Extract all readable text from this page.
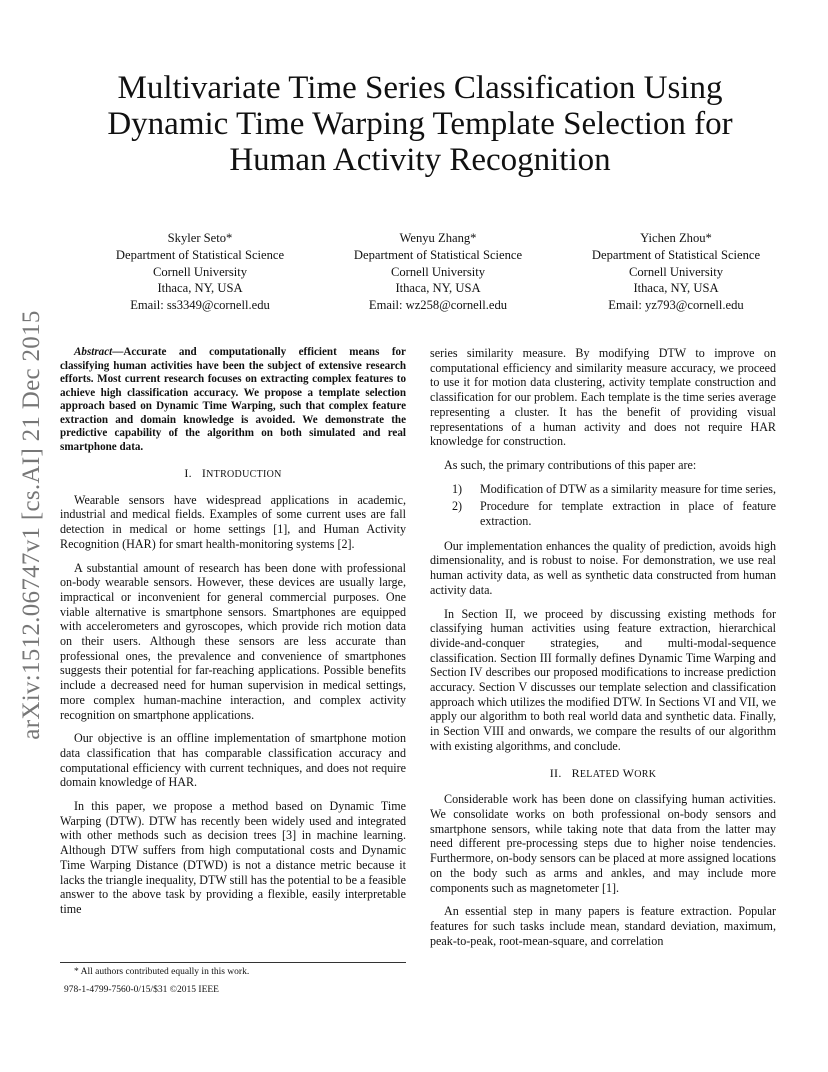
arXiv:1512.06747v1 [cs.AI] 21 Dec 2015
Multivariate Time Series Classification Using
Dynamic Time Warping Template Selection for
Human Activity Recognition
Skyler Seto*
Department of Statistical Science
Cornell University
Ithaca, NY, USA
Email: ss3349@cornell.edu
Wenyu Zhang*
Department of Statistical Science
Cornell University
Ithaca, NY, USA
Email: wz258@cornell.edu
Yichen Zhou*
Department of Statistical Science
Cornell University
Ithaca, NY, USA
Email: yz793@cornell.edu
Abstract—Accurate and computationally efficient means for classifying human activities have been the subject of extensive research efforts. Most current research focuses on extracting complex features to achieve high classification accuracy. We propose a template selection approach based on Dynamic Time Warping, such that complex feature extraction and domain knowledge is avoided. We demonstrate the predictive capability of the algorithm on both simulated and real smartphone data.
I. INTRODUCTION

Wearable sensors have widespread applications in academic, industrial and medical fields. Examples of some current uses are fall detection in medical or home settings [1], and Human Activity Recognition (HAR) for smart health-monitoring systems [2].

A substantial amount of research has been done with professional on-body wearable sensors. However, these devices are usually large, impractical or inconvenient for general commercial purposes. One viable alternative is smartphone sensors. Smartphones are equipped with accelerometers and gyroscopes, which provide rich motion data on their users. Although these sensors are less accurate than professional ones, the prevalence and convenience of smartphones suggests their potential for far-reaching applications. Possible benefits include a decreased need for human supervision in medical settings, more complex human-machine interaction, and complex activity recognition on smartphone applications.

Our objective is an offline implementation of smartphone motion data classification that has comparable classification accuracy and computational efficiency with current techniques, and does not require domain knowledge of HAR.

In this paper, we propose a method based on Dynamic Time Warping (DTW). DTW has recently been widely used and integrated with other methods such as decision trees [3] in machine learning. Although DTW suffers from high computational costs and Dynamic Time Warping Distance (DTWD) is not a distance metric because it lacks the triangle inequality, DTW still has the potential to be a feasible answer to the above task by providing a flexible, easily interpretable time

series similarity measure. By modifying DTW to improve on computational efficiency and similarity measure accuracy, we proceed to use it for motion data clustering, activity template construction and classification for our problem. Each template is the time series average representing a cluster. It has the benefit of providing visual representations of a human activity and does not require HAR knowledge for construction.

As such, the primary contributions of this paper are:

1) Modification of DTW as a similarity measure for time series,
2) Procedure for template extraction in place of feature extraction.

Our implementation enhances the quality of prediction, avoids high dimensionality, and is robust to noise. For demonstration, we use real human activity data, as well as synthetic data constructed from human activity data.

In Section II, we proceed by discussing existing methods for classifying human activities using feature extraction, hierarchical divide-and-conquer strategies, and multi-modal-sequence classification. Section III formally defines Dynamic Time Warping and Section IV describes our proposed modifications to increase prediction accuracy. Section V discusses our template selection and classification approach which utilizes the modified DTW. In Sections VI and VII, we apply our algorithm to both real world data and synthetic data. Finally, in Section VIII and onwards, we compare the results of our algorithm with existing algorithms, and conclude.

II. RELATED WORK

Considerable work has been done on classifying human activities. We consolidate works on both professional on-body sensors and smartphone sensors, while taking note that data from the latter may need different pre-processing steps due to higher noise tendencies. Furthermore, on-body sensors can be placed at more assigned locations on the body such as arms and ankles, and may include more components such as magnetometer [1].

An essential step in many papers is feature extraction. Popular features for such tasks include mean, standard deviation, maximum, peak-to-peak, root-mean-square, and correlation

* All authors contributed equally in this work.
978-1-4799-7560-0/15/$31 ©2015 IEEE
